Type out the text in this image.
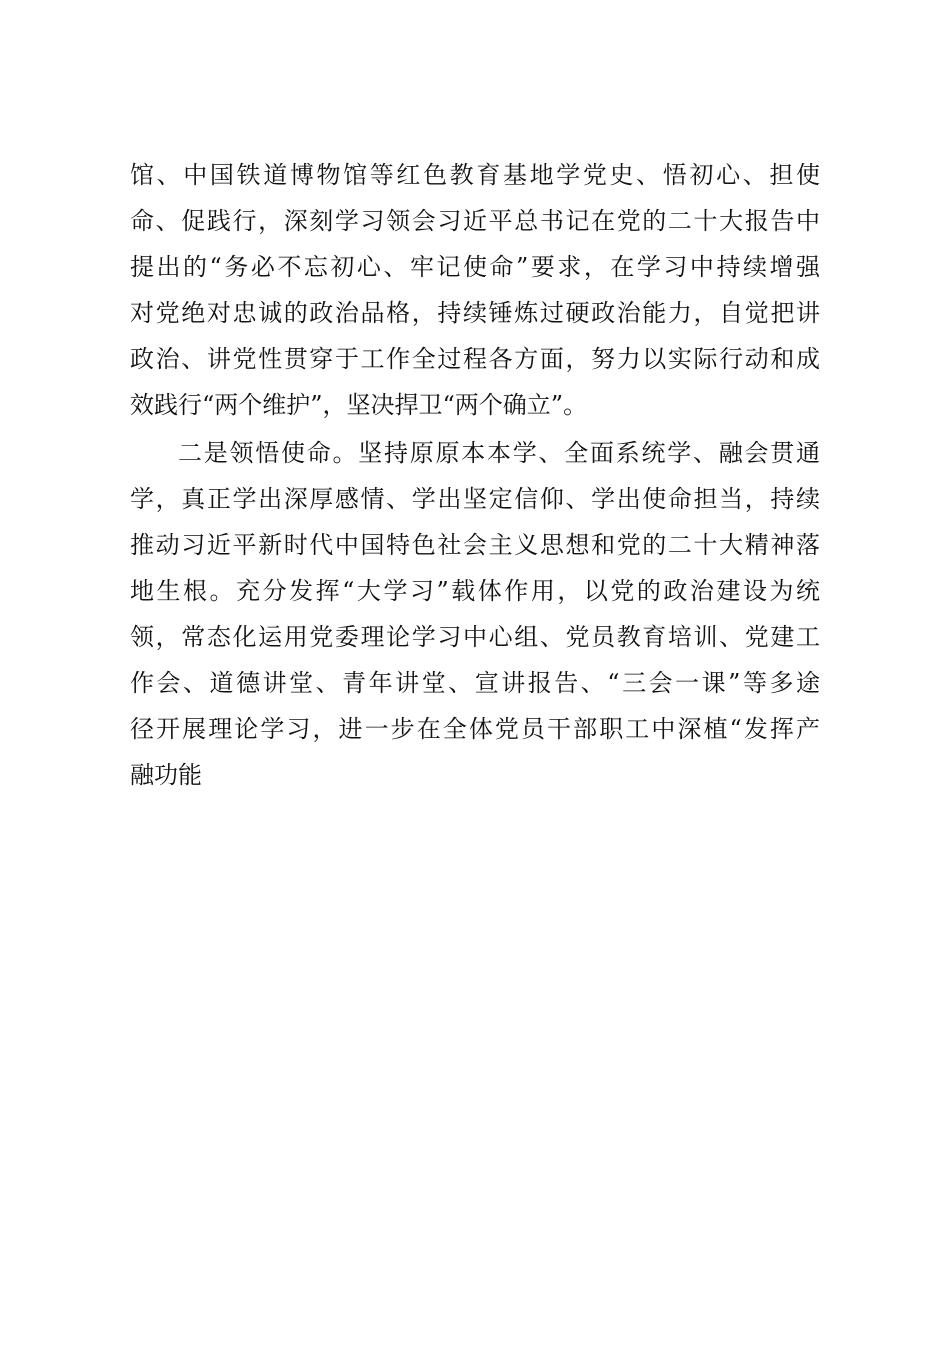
馆、中国铁道博物馆等红色教育基地学党史、悟初心、担使
命、促践行，深刻学习领会习近平总书记在党的二十大报告中
提出的“务必不忘初心、牢记使命”要求，在学习中持续增强
对党绝对忠诚的政治品格，持续锤炼过硬政治能力，自觉把讲
政治、讲党性贯穿于工作全过程各方面，努力以实际行动和成
效践行“两个维护”，坚决捍卫“两个确立”。
二是领悟使命。坚持原原本本学、全面系统学、融会贯通
学，真正学出深厚感情、学出坚定信仰、学出使命担当，持续
推动习近平新时代中国特色社会主义思想和党的二十大精神落
地生根。充分发挥“大学习”载体作用，以党的政治建设为统
领，常态化运用党委理论学习中心组、党员教育培训、党建工
作会、道德讲堂、青年讲堂、宣讲报告、“三会一课”等多途
径开展理论学习，进一步在全体党员干部职工中深植“发挥产
融功能
